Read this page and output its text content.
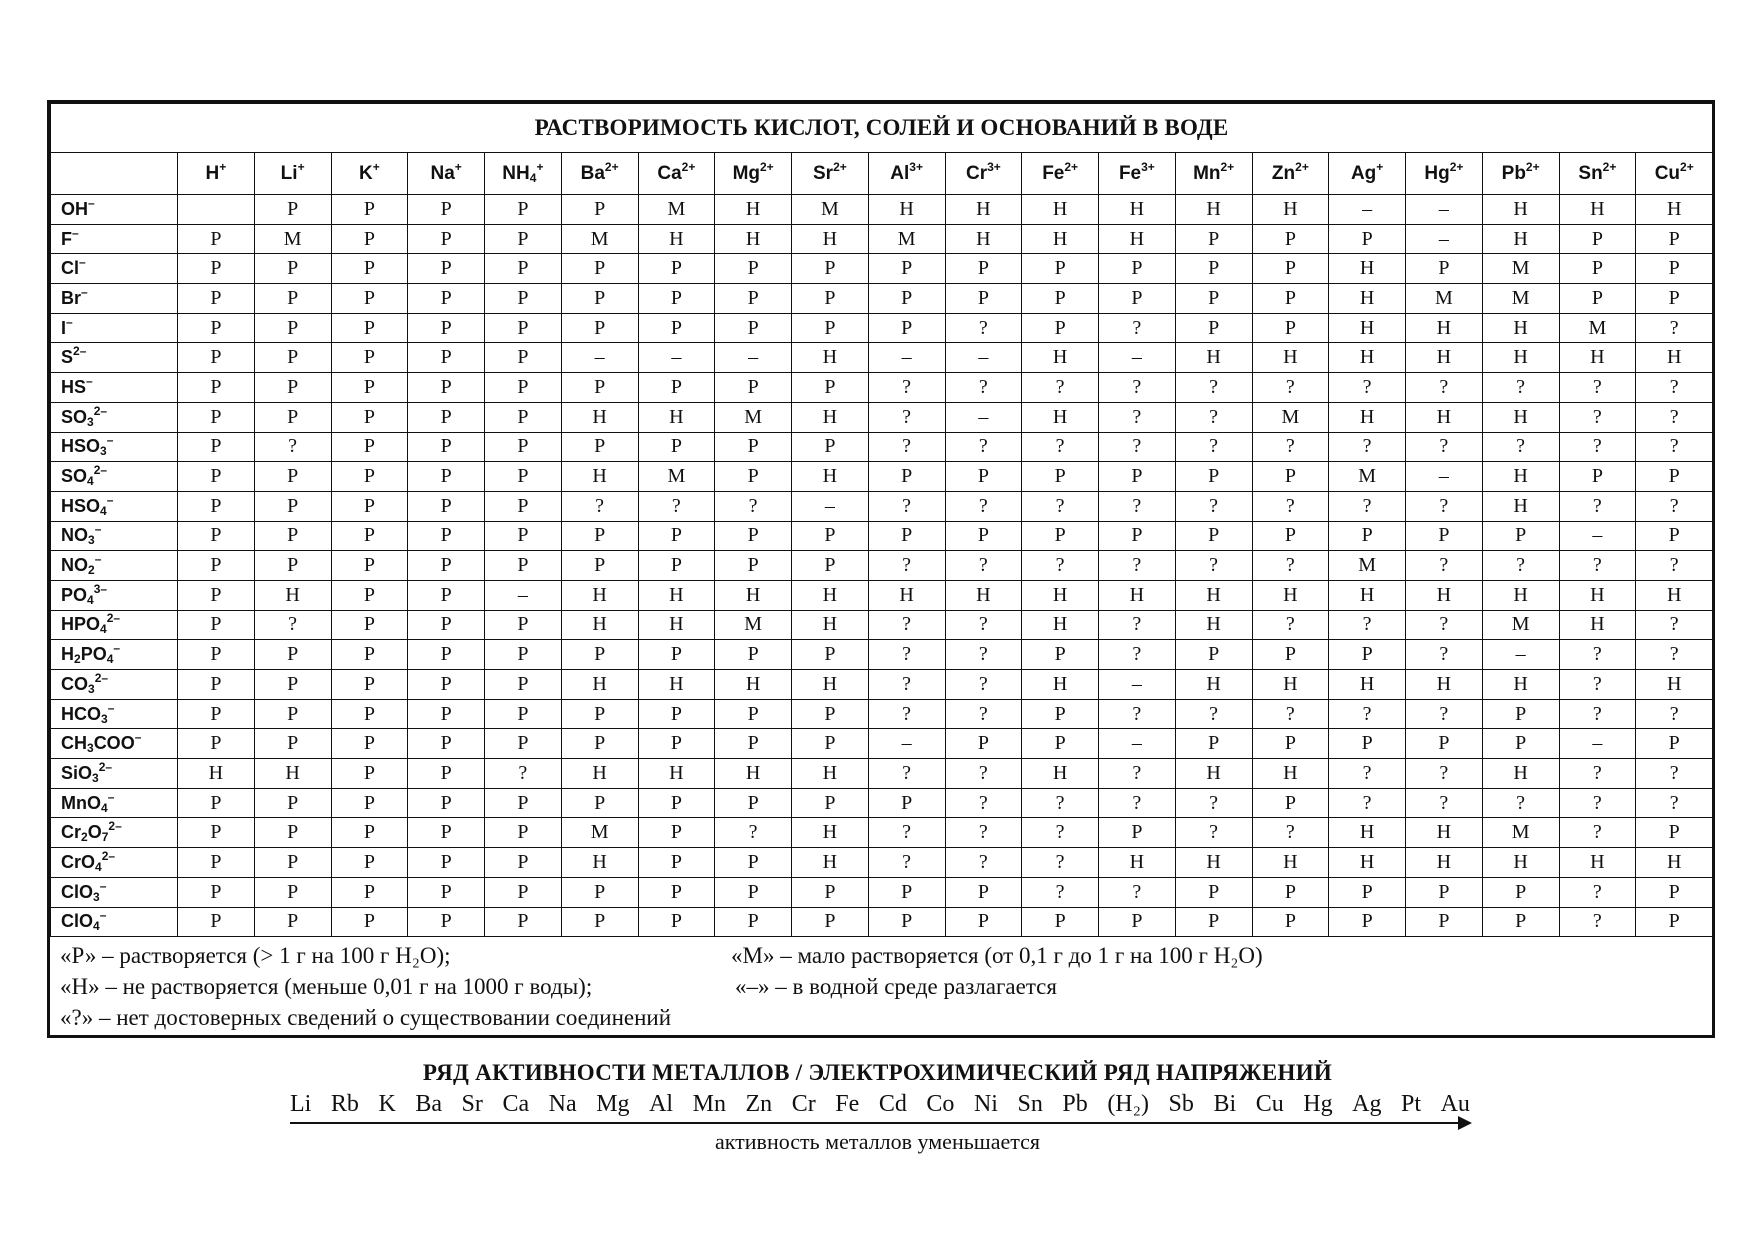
РАСТВОРИМОСТЬ КИСЛОТ, СОЛЕЙ И ОСНОВАНИЙ В ВОДЕ																				
	H+	Li+	K+	Na+	$NH_4^+$	$Ba^{2+}$	$Ca^{2+}$	$Mg^{2+}$	$Sr^{2+}$	$Al^{3+}$	$Cr^{3+}$	$Fe^{2+}$	$Fe^{3+}$	$Mn^{2+}$	$Zn^{2+}$	Ag+	$Hg^{2+}$	$Pb^{2+}$	$Sn^{2+}$	$Cu^{2+}$
OH–		Р	Р	Р	Р	Р	М	Н	М	Н	Н	Н	Н	Н	Н	–	–	Н	Н	Н
F–	Р	М	Р	Р	Р	М	Н	Н	Н	М	Н	Н	Н	Р	Р	Р	–	Н	Р	Р
Cl–	Р	Р	Р	Р	Р	Р	Р	Р	Р	Р	Р	Р	Р	Р	Р	Н	Р	М	Р	Р
Br–	Р	Р	Р	Р	Р	Р	Р	Р	Р	Р	Р	Р	Р	Р	Р	Н	М	М	Р	Р
I–	Р	Р	Р	Р	Р	Р	Р	Р	Р	Р	?	Р	?	Р	Р	Н	Н	Н	М	?
$S^{2-}$	Р	Р	Р	Р	Р	–	–	–	Н	–	–	Н	–	Н	Н	Н	Н	Н	Н	Н
HS–	Р	Р	Р	Р	Р	Р	Р	Р	Р	?	?	?	?	?	?	?	?	?	?	?
$SO_3^{2-}$	Р	Р	Р	Р	Р	Н	Н	М	Н	?	–	Н	?	?	М	Н	Н	Н	?	?
$HSO_3^-$	Р	?	Р	Р	Р	Р	Р	Р	Р	?	?	?	?	?	?	?	?	?	?	?
$SO_4^{2-}$	Р	Р	Р	Р	Р	Н	М	Р	Н	Р	Р	Р	Р	Р	Р	М	–	Н	Р	Р
$HSO_4^-$	Р	Р	Р	Р	Р	?	?	?	–	?	?	?	?	?	?	?	?	Н	?	?
$NO_3^-$	Р	Р	Р	Р	Р	Р	Р	Р	Р	Р	Р	Р	Р	Р	Р	Р	Р	Р	–	Р
$NO_2^-$	Р	Р	Р	Р	Р	Р	Р	Р	Р	?	?	?	?	?	?	М	?	?	?	?
$PO_4^{3-}$	Р	Н	Р	Р	–	Н	Н	Н	Н	Н	Н	Н	Н	Н	Н	Н	Н	Н	Н	Н
$HPO_4^{2-}$	Р	?	Р	Р	Р	Н	Н	М	Н	?	?	Н	?	Н	?	?	?	М	Н	?
$H_2PO_4^-$	Р	Р	Р	Р	Р	Р	Р	Р	Р	?	?	Р	?	Р	Р	Р	?	–	?	?
$CO_3^{2-}$	Р	Р	Р	Р	Р	Н	Н	Н	Н	?	?	Н	–	Н	Н	Н	Н	Н	?	Н
$HCO_3^-$	Р	Р	Р	Р	Р	Р	Р	Р	Р	?	?	Р	?	?	?	?	?	Р	?	?
$CH_3COO^-$	Р	Р	Р	Р	Р	Р	Р	Р	Р	–	Р	Р	–	Р	Р	Р	Р	Р	–	Р
SiO$_3^{2-}$	Н	Н	Р	Р	?	Н	Н	Н	Н	?	?	Н	?	Н	Н	?	?	Н	?	?
MnO$_4$–	Р	Р	Р	Р	Р	Р	Р	Р	Р	Р	?	?	?	?	Р	?	?	?	?	?
$Cr_2O_7^{2-}$	Р	Р	Р	Р	Р	М	Р	?	Н	?	?	?	Р	?	?	Н	Н	М	?	Р
CrO$_4^{2-}$	Р	Р	Р	Р	Р	Н	Р	Р	Н	?	?	?	Н	Н	Н	Н	Н	Н	Н	Н
ClO$_3$–	Р	Р	Р	Р	Р	Р	Р	Р	Р	Р	Р	?	?	Р	Р	Р	Р	Р	?	Р
ClO$_4$–	Р	Р	Р	Р	Р	Р	Р	Р	Р	Р	Р	Р	Р	Р	Р	Р	Р	Р	?	Р
«Р» – растворяется (> 1 г на 100 г H₂O);	«М» – мало растворяется (от 0,1 г до 1 г на 100 г H₂O)
«Н» – не растворяется (меньше 0,01 г на 1000 г воды);	«–» – в водной среде разлагается
«?» – нет достоверных сведений о существовании соединений
РЯД АКТИВНОСТИ МЕТАЛЛОВ / ЭЛЕКТРОХИМИЧЕСКИЙ РЯД НАПРЯЖЕНИЙ
Li Rb K Ba Sr Ca Na Mg Al Mn Zn Cr Fe Cd Co Ni Sn Pb (H₂) Sb Bi Cu Hg Ag Pt Au
активность металлов уменьшается
